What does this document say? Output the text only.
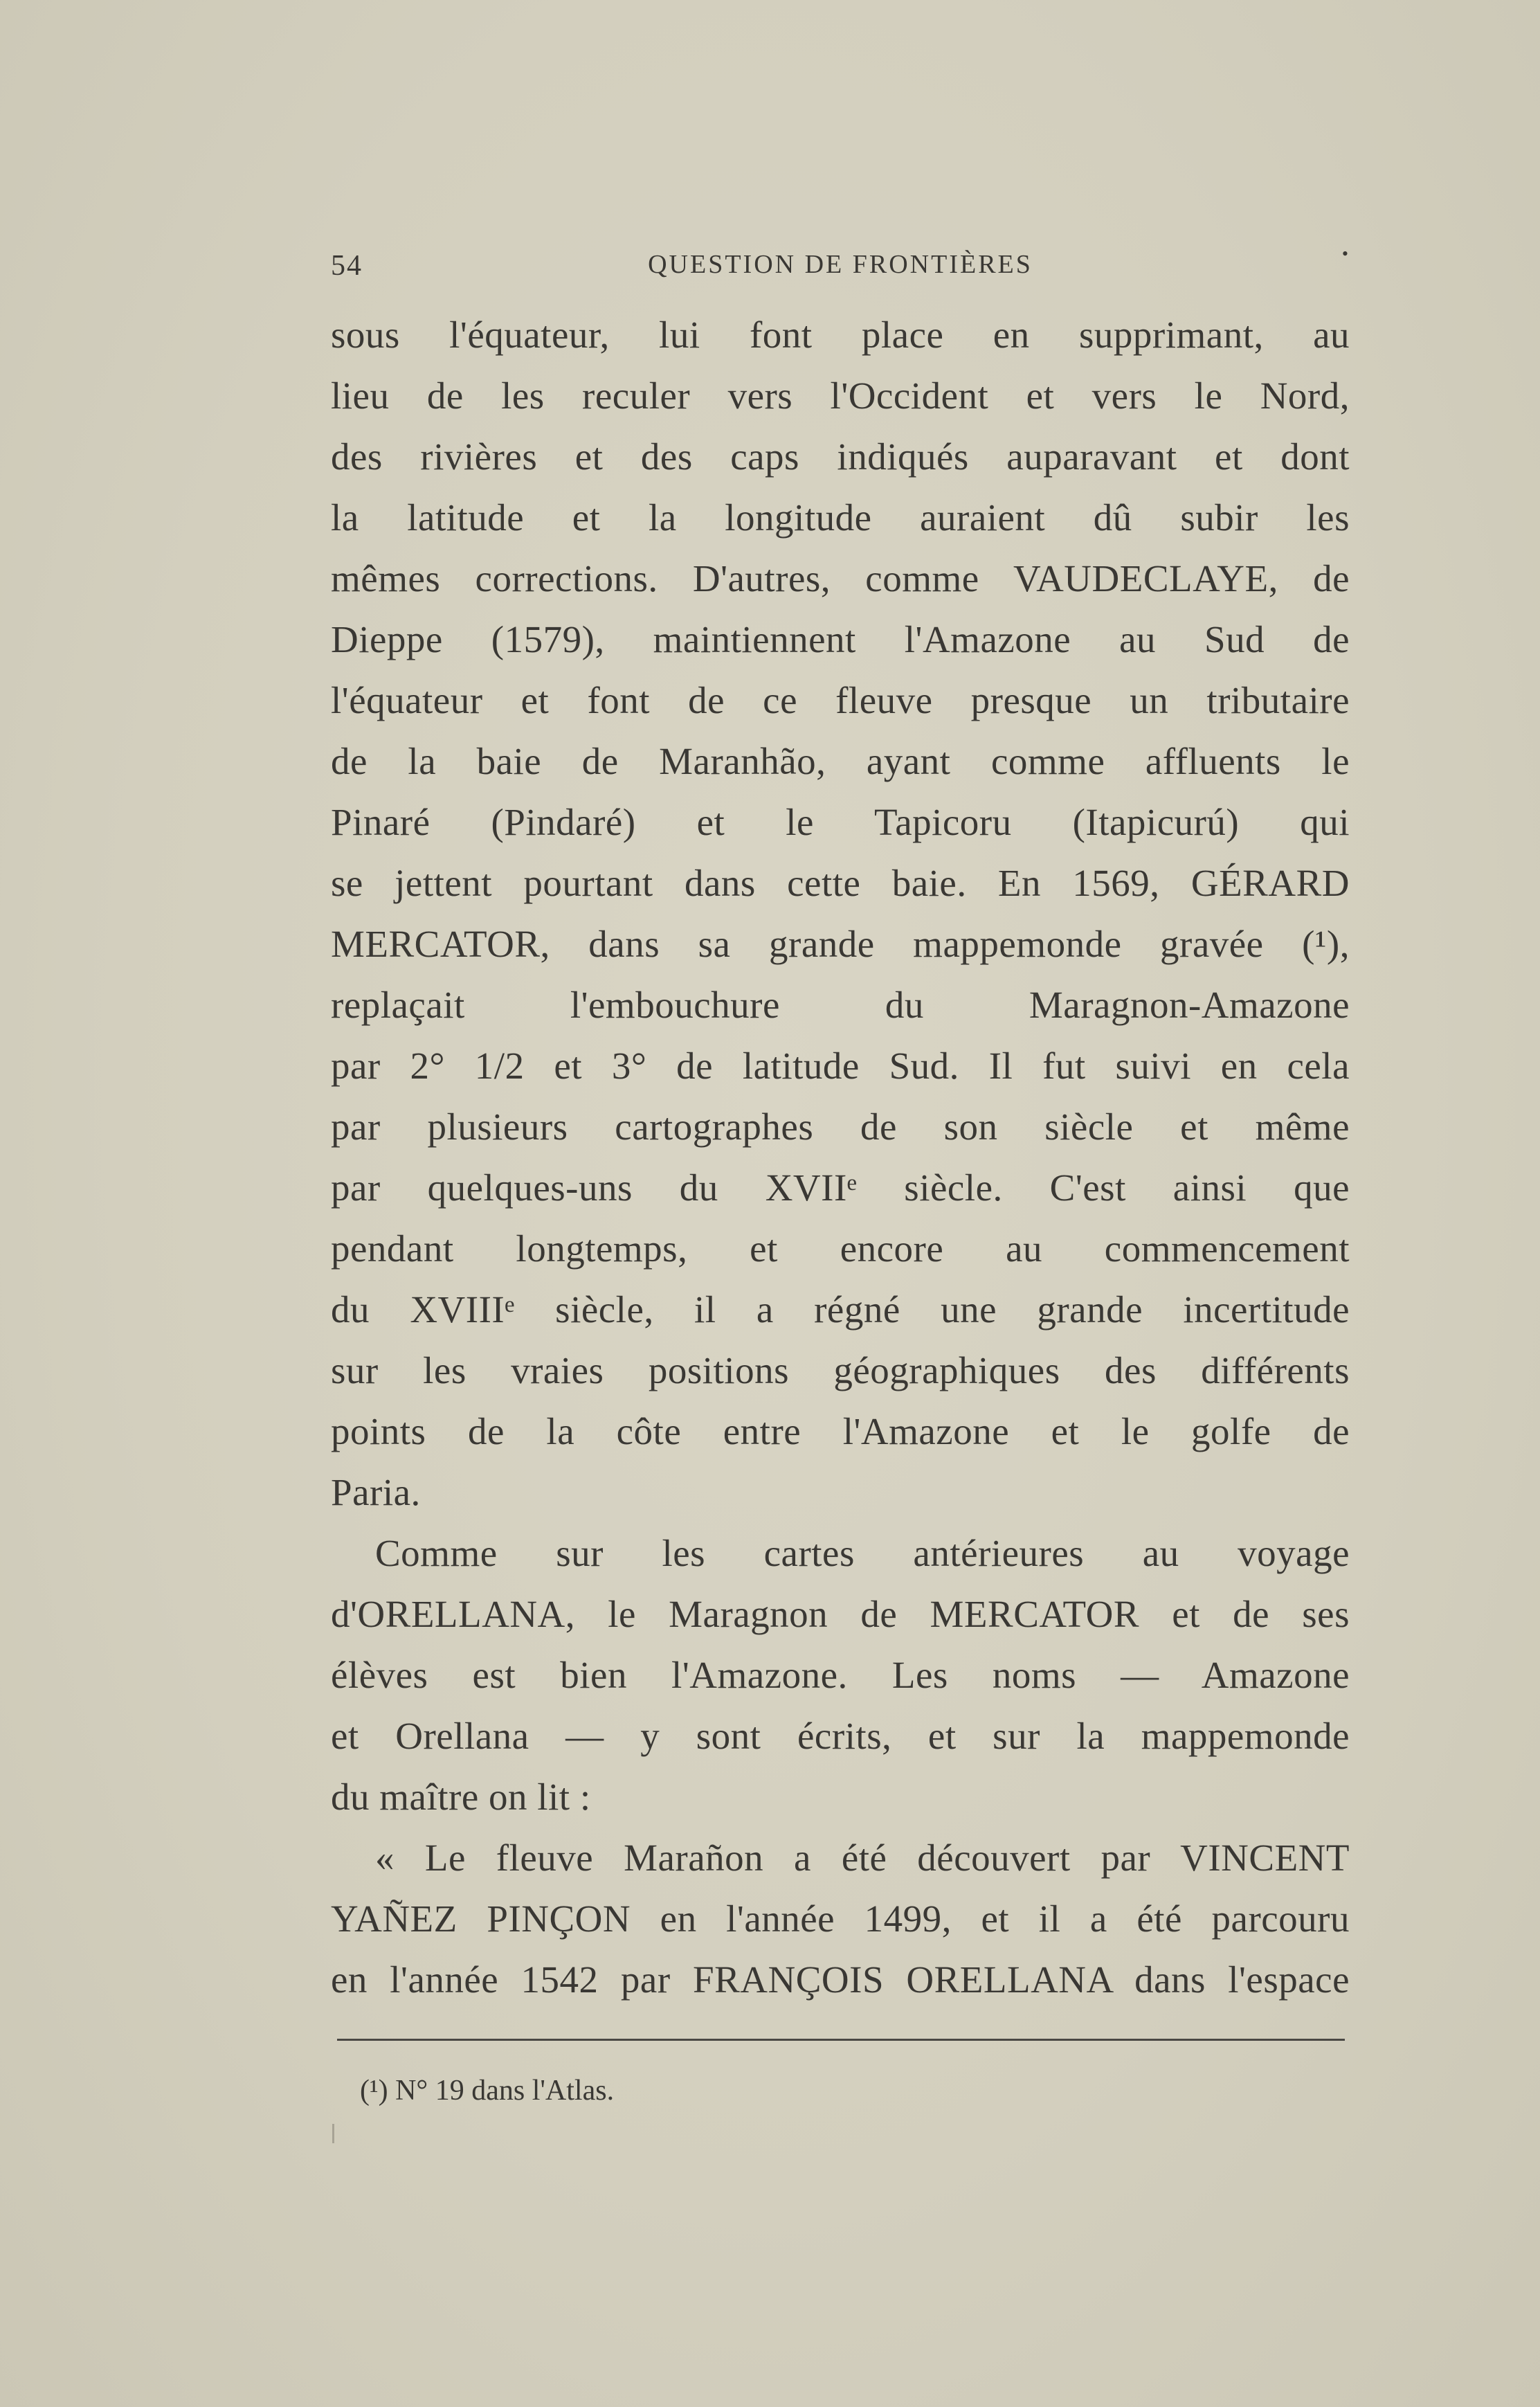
54	QUESTION DE FRONTIÈRES	•
sous l'équateur, lui font place en supprimant, au
lieu de les reculer vers l'Occident et vers le Nord,
des rivières et des caps indiqués auparavant et dont
la latitude et la longitude auraient dû subir les
mêmes corrections. D'autres, comme VAUDECLAYE, de
Dieppe (1579), maintiennent l'Amazone au Sud de
l'équateur et font de ce fleuve presque un tributaire
de la baie de Maranhão, ayant comme affluents le
Pinaré (Pindaré) et le Tapicoru (Itapicurú) qui
se jettent pourtant dans cette baie. En 1569, GÉRARD
MERCATOR, dans sa grande mappemonde gravée (¹),
replaçait l'embouchure du Maragnon-Amazone
par 2° 1/2 et 3° de latitude Sud. Il fut suivi en cela
par plusieurs cartographes de son siècle et même
par quelques-uns du XVIIᵉ siècle. C'est ainsi que
pendant longtemps, et encore au commencement
du XVIIIᵉ siècle, il a régné une grande incertitude
sur les vraies positions géographiques des différents
points de la côte entre l'Amazone et le golfe de
Paria.
Comme sur les cartes antérieures au voyage
d'ORELLANA, le Maragnon de MERCATOR et de ses
élèves est bien l'Amazone. Les noms — Amazone
et Orellana — y sont écrits, et sur la mappemonde
du maître on lit :
« Le fleuve Marañon a été découvert par VINCENT
YAÑEZ PINÇON en l'année 1499, et il a été parcouru
en l'année 1542 par FRANÇOIS ORELLANA dans l'espace
(¹) N° 19 dans l'Atlas.
